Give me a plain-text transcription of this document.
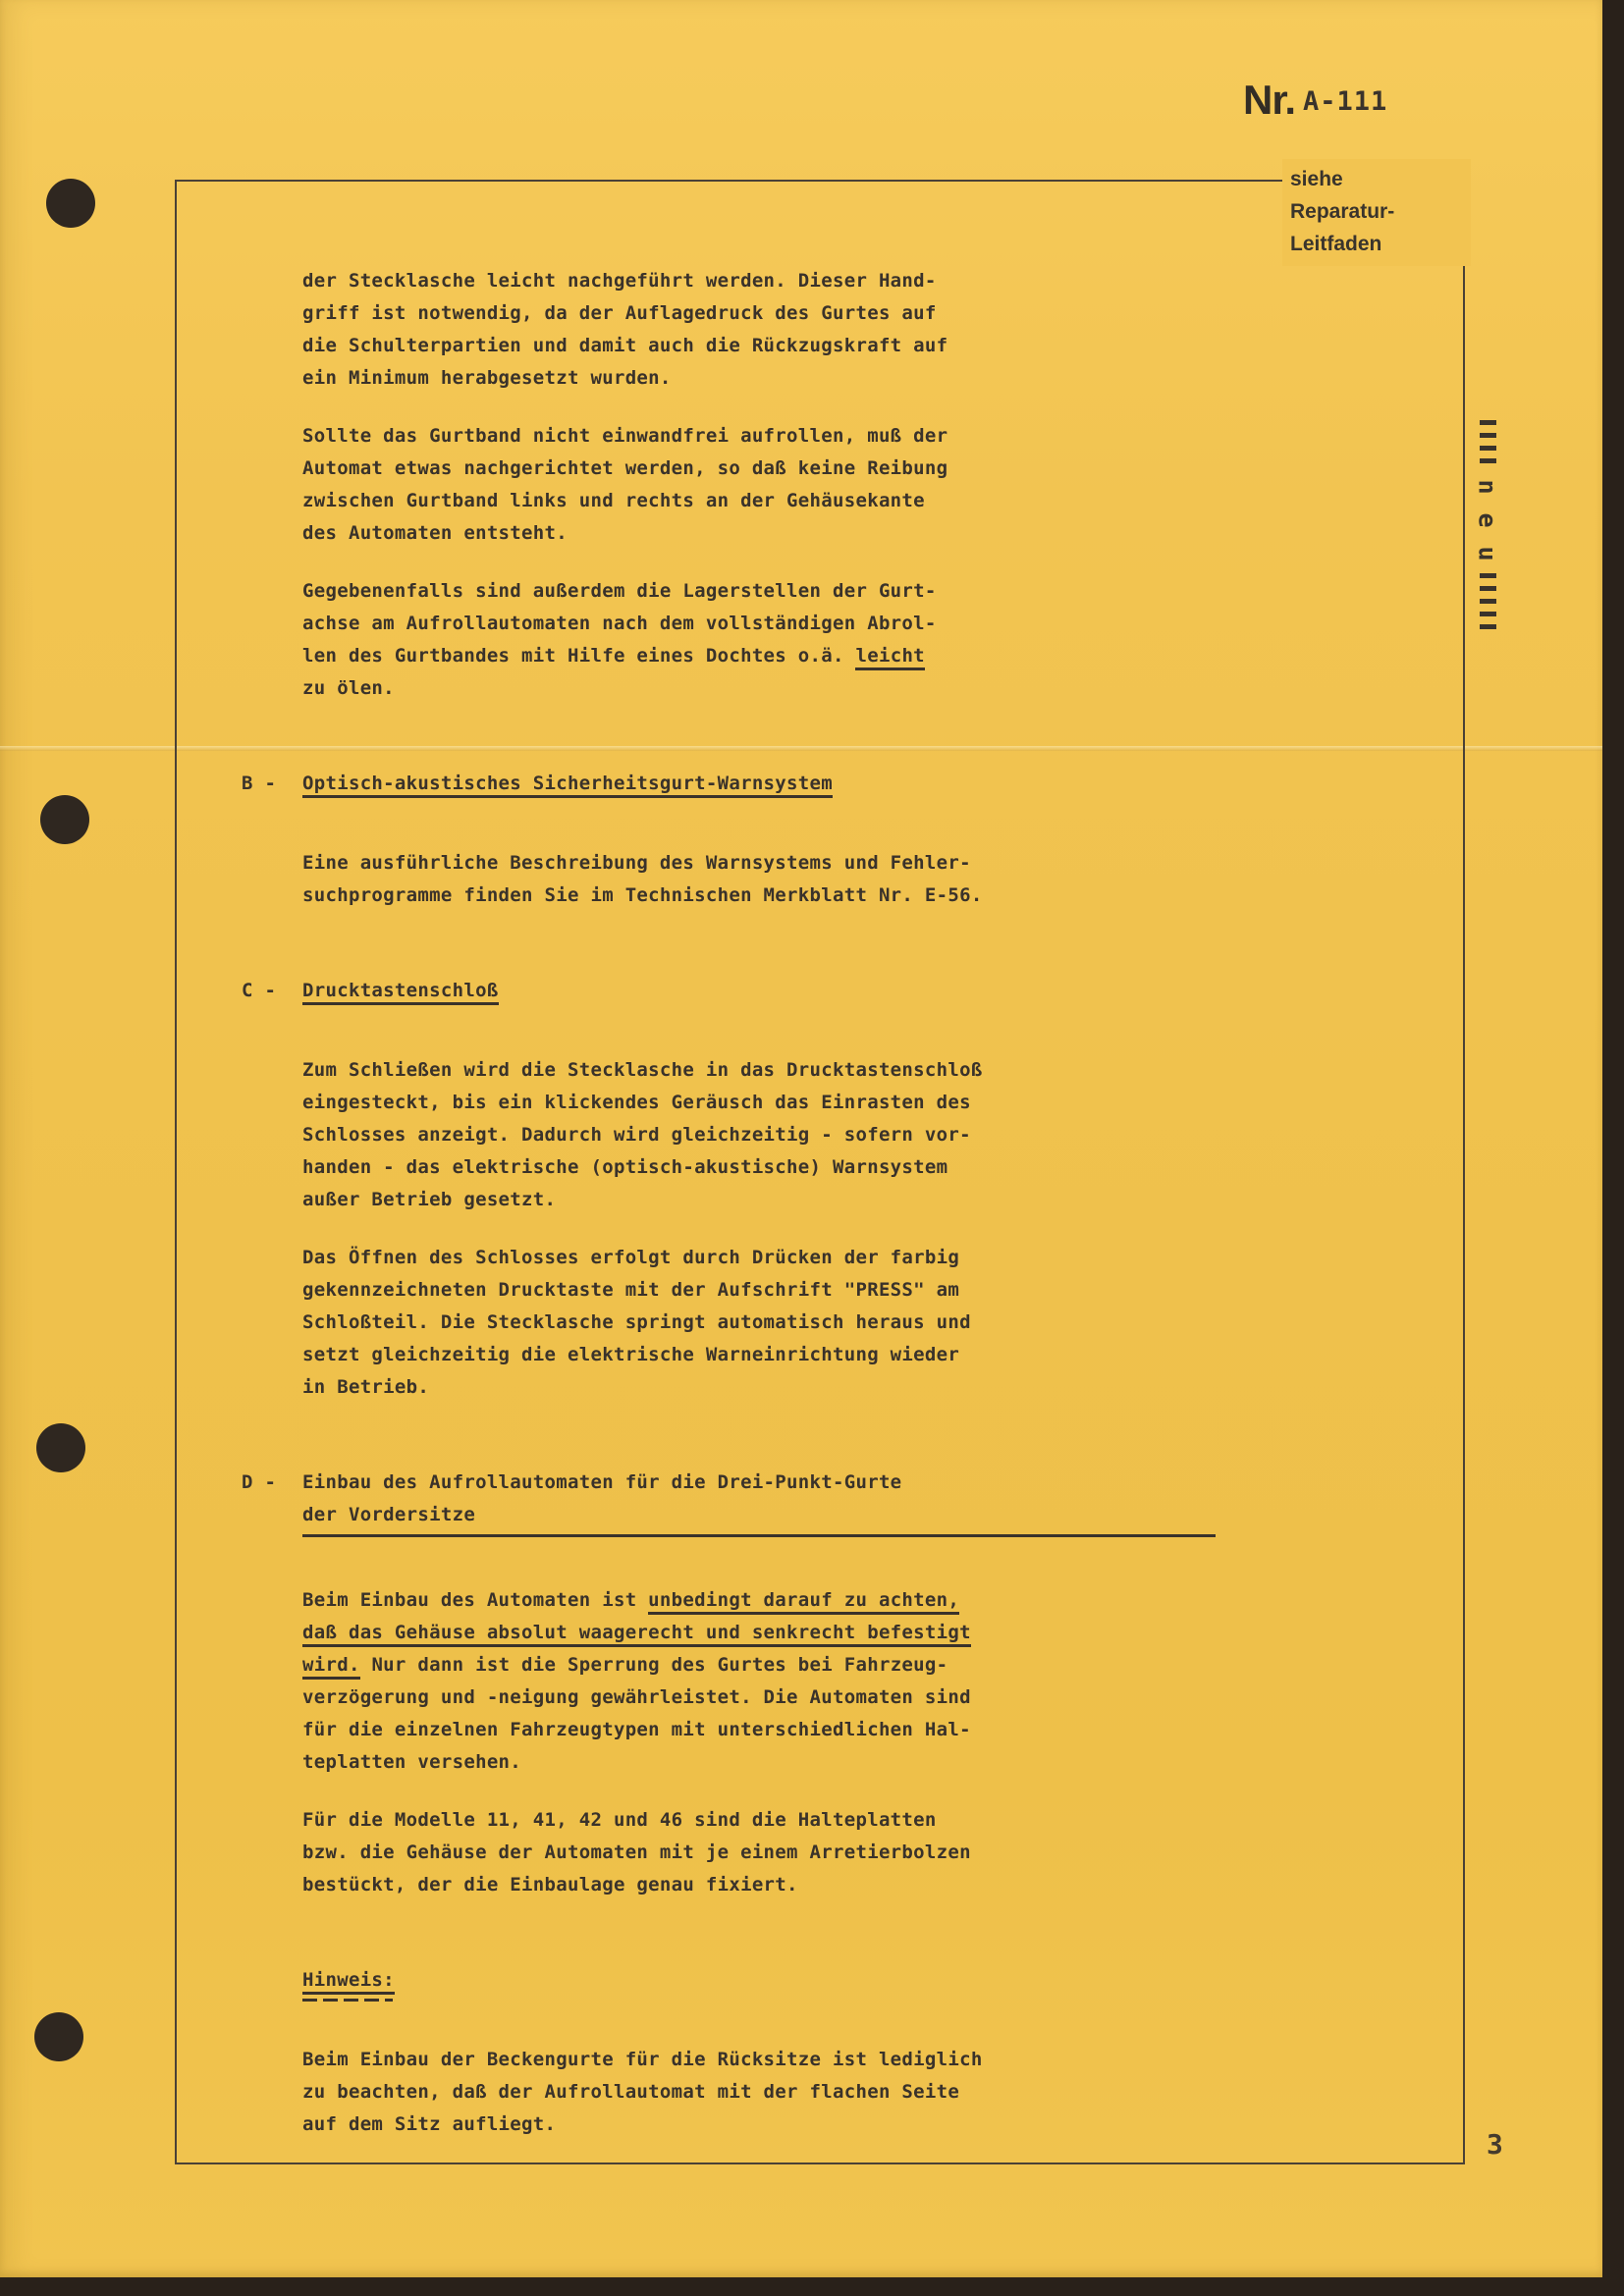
Nr. A-111
siehe
Reparatur-
Leitfaden
n
e
u
der Stecklasche leicht nachgeführt werden. Dieser Hand-
griff ist notwendig, da der Auflagedruck des Gurtes auf
die Schulterpartien und damit auch die Rückzugskraft auf
ein Minimum herabgesetzt wurden.
Sollte das Gurtband nicht einwandfrei aufrollen, muß der
Automat etwas nachgerichtet werden, so daß keine Reibung
zwischen Gurtband links und rechts an der Gehäusekante
des Automaten entsteht.
Gegebenenfalls sind außerdem die Lagerstellen der Gurt-
achse am Aufrollautomaten nach dem vollständigen Abrol-
len des Gurtbandes mit Hilfe eines Dochtes o.ä. leicht
zu ölen.
B - Optisch-akustisches Sicherheitsgurt-Warnsystem
Eine ausführliche Beschreibung des Warnsystems und Fehler-
suchprogramme finden Sie im Technischen Merkblatt Nr. E-56.
C - Drucktastenschloß
Zum Schließen wird die Stecklasche in das Drucktastenschloß
eingesteckt, bis ein klickendes Geräusch das Einrasten des
Schlosses anzeigt. Dadurch wird gleichzeitig - sofern vor-
handen - das elektrische (optisch-akustische) Warnsystem
außer Betrieb gesetzt.
Das Öffnen des Schlosses erfolgt durch Drücken der farbig
gekennzeichneten Drucktaste mit der Aufschrift "PRESS" am
Schloßteil. Die Stecklasche springt automatisch heraus und
setzt gleichzeitig die elektrische Warneinrichtung wieder
in Betrieb.
D - Einbau des Aufrollautomaten für die Drei-Punkt-Gurte
der Vordersitze
Beim Einbau des Automaten ist unbedingt darauf zu achten,
daß das Gehäuse absolut waagerecht und senkrecht befestigt
wird. Nur dann ist die Sperrung des Gurtes bei Fahrzeug-
verzögerung und -neigung gewährleistet. Die Automaten sind
für die einzelnen Fahrzeugtypen mit unterschiedlichen Hal-
teplatten versehen.
Für die Modelle 11, 41, 42 und 46 sind die Halteplatten
bzw. die Gehäuse der Automaten mit je einem Arretierbolzen
bestückt, der die Einbaulage genau fixiert.
Hinweis:
Beim Einbau der Beckengurte für die Rücksitze ist lediglich
zu beachten, daß der Aufrollautomat mit der flachen Seite
auf dem Sitz aufliegt.
3
